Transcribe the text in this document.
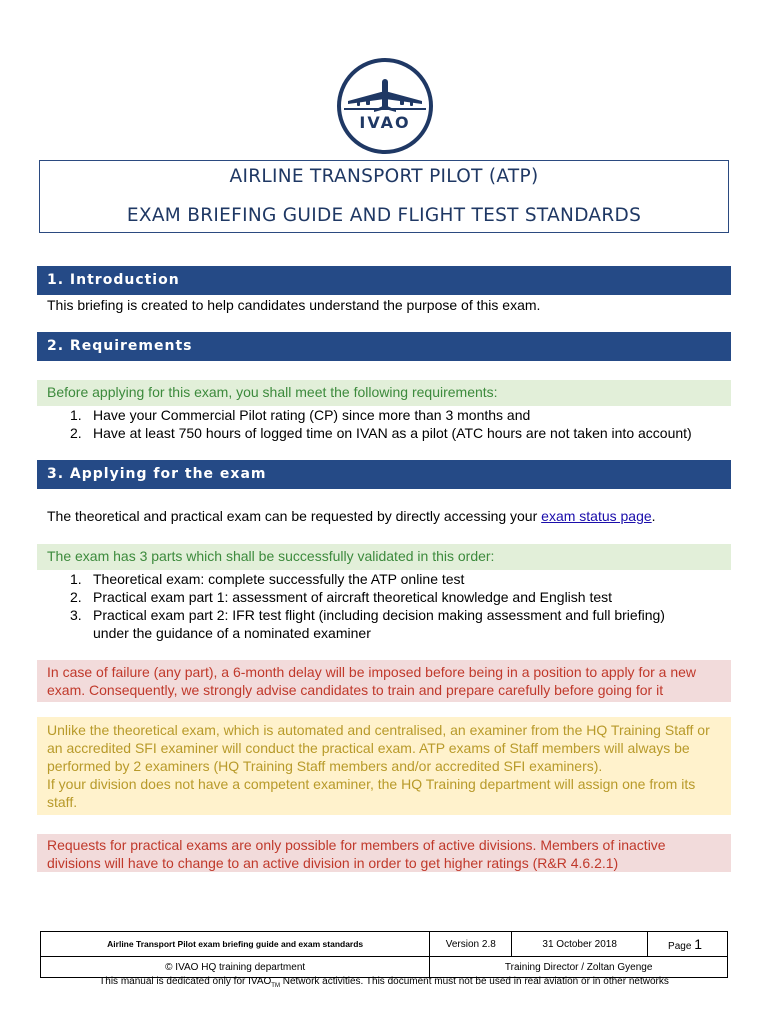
IVAO
AIRLINE TRANSPORT PILOT (ATP)
EXAM BRIEFING GUIDE AND FLIGHT TEST STANDARDS
1. Introduction
This briefing is created to help candidates understand the purpose of this exam.
2. Requirements
Before applying for this exam, you shall meet the following requirements:
1. Have your Commercial Pilot rating (CP) since more than 3 months and
2. Have at least 750 hours of logged time on IVAN as a pilot (ATC hours are not taken into account)
3. Applying for the exam
The theoretical and practical exam can be requested by directly accessing your exam status page.
The exam has 3 parts which shall be successfully validated in this order:
1. Theoretical exam: complete successfully the ATP online test
2. Practical exam part 1: assessment of aircraft theoretical knowledge and English test
3. Practical exam part 2: IFR test flight (including decision making assessment and full briefing) under the guidance of a nominated examiner
In case of failure (any part), a 6-month delay will be imposed before being in a position to apply for a new exam. Consequently, we strongly advise candidates to train and prepare carefully before going for it
Unlike the theoretical exam, which is automated and centralised, an examiner from the HQ Training Staff or an accredited SFI examiner will conduct the practical exam. ATP exams of Staff members will always be performed by 2 examiners (HQ Training Staff members and/or accredited SFI examiners).
If your division does not have a competent examiner, the HQ Training department will assign one from its staff.
Requests for practical exams are only possible for members of active divisions. Members of inactive divisions will have to change to an active division in order to get higher ratings (R&R 4.6.2.1)
Airline Transport Pilot exam briefing guide and exam standards	Version 2.8	31 October 2018	Page 1
© IVAO HQ training department	Training Director / Zoltan Gyenge		
This manual is dedicated only for $IVAO_{TM}$ Network activities. This document must not be used in real aviation or in other networks
